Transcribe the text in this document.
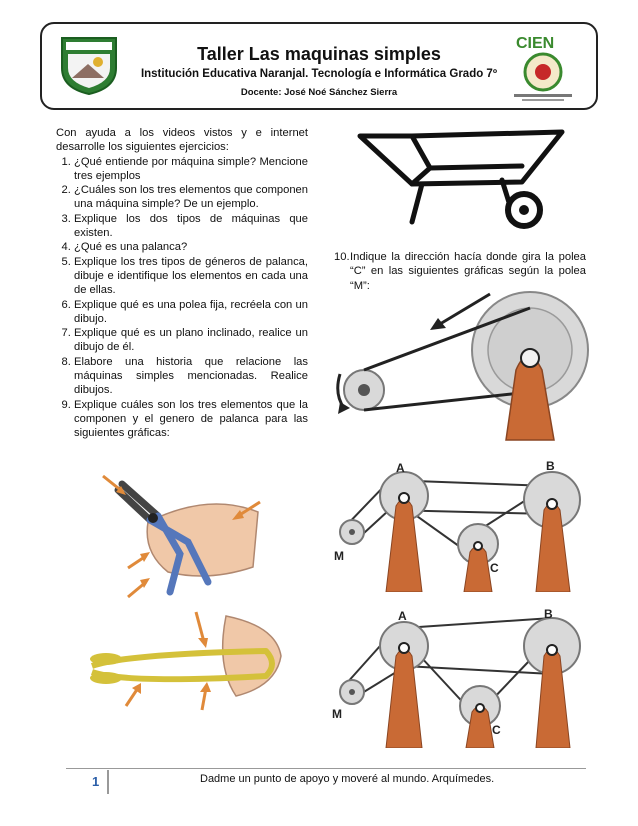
Taller Las maquinas simples
Institución Educativa Naranjal. Tecnología e Informática Grado 7º
Docente: José Noé Sánchez Sierra
CIEN

Con ayuda a los videos vistos y e internet desarrolle los siguientes ejercicios:

1. ¿Qué entiende por máquina simple? Mencione tres ejemplos
2. ¿Cuáles son los tres elementos que componen una máquina simple? De un ejemplo.
3. Explique los dos tipos de máquinas que existen.
4. ¿Qué es una palanca?
5. Explique los tres tipos de géneros de palanca, dibuje e identifique los elementos en cada una de ellas.
6. Explique qué es una polea fija, recréela con un dibujo.
7. Explique qué es un plano inclinado, realice un dibujo de él.
8. Elabore una historia que relacione las máquinas simples mencionadas. Realice dibujos.
9. Explique cuáles son los tres elementos que la componen y el genero de palanca para las siguientes gráficas:
10. Indique la dirección hacía donde gira la polea “C” en las siguientes gráficas según la polea “M”:
A	B
C
M
A	B
C
M
1	Dadme un punto de apoyo y moveré al mundo. Arquímedes.
